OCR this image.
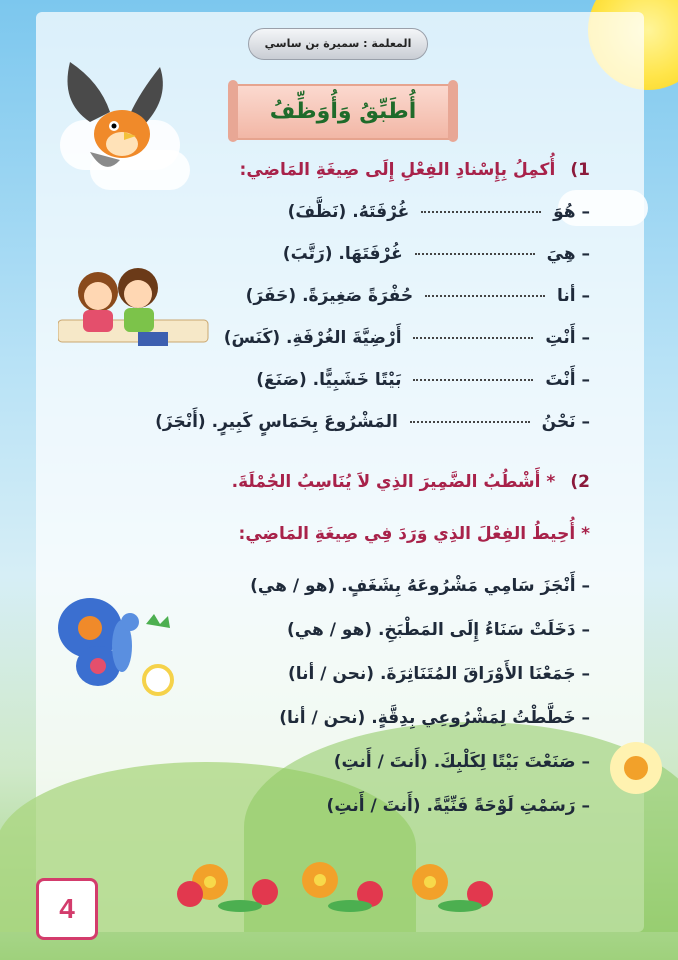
المعلمة : سميرة بن ساسي
أُطَبِّقُ وَأُوَظِّفُ
1) أُكمِلُ بِإِسْنادِ الفِعْلِ إِلَى صِيغَةِ المَاضِي:
– هُوَ  غُرْفَتَهُ. (نَظَّفَ)
– هِيَ  غُرْفَتَهَا. (رَتَّبَ)
– أنا  حُفْرَةً صَغِيرَةً. (حَفَرَ)
– أَنْتِ  أَرْضِيَّةَ الغُرْفَةِ. (كَنَسَ)
– أَنْتَ  بَيْتًا خَشَبِيًّا. (صَنَعَ)
– نَحْنُ  المَشْرُوعَ بِحَمَاسٍ كَبِيرٍ. (أَنْجَزَ)
2) * أَشْطُبُ الضَّمِيرَ الذِي لاَ يُنَاسِبُ الجُمْلَةَ.
* أُحِيطُ الفِعْلَ الذِي وَرَدَ فِي صِيغَةِ المَاضِي:
– أَنْجَزَ سَامِي مَشْرُوعَهُ بِشَغَفٍ. (هو / هي)
– دَخَلَتْ سَنَاءُ إِلَى المَطْبَخِ. (هو / هي)
– جَمَعْنَا الأَوْرَاقَ المُتَنَاثِرَةَ. (نحن / أنا)
– خَطَّطْتُ لِمَشْرُوعِي بِدِقَّةٍ. (نحن / أنا)
– صَنَعْتَ بَيْتًا لِكَلْبِكَ. (أَنتَ / أَنتِ)
– رَسَمْتِ لَوْحَةً فَنِّيَّةً. (أَنتَ / أَنتِ)
4
